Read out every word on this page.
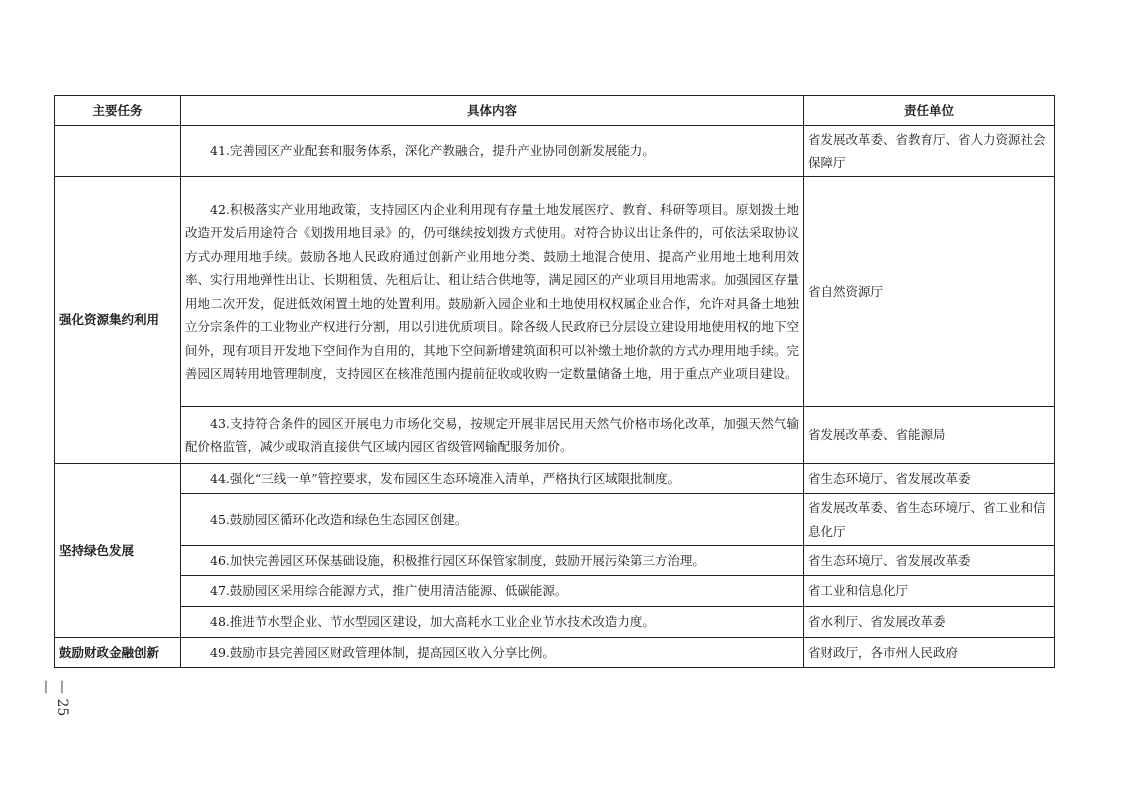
主要任务	具体内容	责任单位
	41.完善园区产业配套和服务体系，深化产教融合，提升产业协同创新发展能力。	省发展改革委、省教育厅、省人力资源社会保障厅
强化资源集约利用	42.积极落实产业用地政策，支持园区内企业利用现有存量土地发展医疗、教育、科研等项目。原划拨土地改造开发后用途符合《划拨用地目录》的，仍可继续按划拨方式使用。对符合协议出让条件的，可依法采取协议方式办理用地手续。鼓励各地人民政府通过创新产业用地分类、鼓励土地混合使用、提高产业用地土地利用效率、实行用地弹性出让、长期租赁、先租后让、租让结合供地等，满足园区的产业项目用地需求。加强园区存量用地二次开发，促进低效闲置土地的处置利用。鼓励新入园企业和土地使用权权属企业合作，允许对具备土地独立分宗条件的工业物业产权进行分割，用以引进优质项目。除各级人民政府已分层设立建设用地使用权的地下空间外，现有项目开发地下空间作为自用的，其地下空间新增建筑面积可以补缴土地价款的方式办理用地手续。完善园区周转用地管理制度，支持园区在核准范围内提前征收或收购一定数量储备土地，用于重点产业项目建设。	省自然资源厅
	43.支持符合条件的园区开展电力市场化交易，按规定开展非居民用天然气价格市场化改革，加强天然气输配价格监管，减少或取消直接供气区域内园区省级管网输配服务加价。	省发展改革委、省能源局
坚持绿色发展	44.强化“三线一单”管控要求，发布园区生态环境准入清单，严格执行区域限批制度。	省生态环境厅、省发展改革委
	45.鼓励园区循环化改造和绿色生态园区创建。	省发展改革委、省生态环境厅、省工业和信息化厅
	46.加快完善园区环保基础设施，积极推行园区环保管家制度，鼓励开展污染第三方治理。	省生态环境厅、省发展改革委
	47.鼓励园区采用综合能源方式，推广使用清洁能源、低碳能源。	省工业和信息化厅
	48.推进节水型企业、节水型园区建设，加大高耗水工业企业节水技术改造力度。	省水利厅、省发展改革委
鼓励财政金融创新	49.鼓励市县完善园区财政管理体制，提高园区收入分享比例。	省财政厅，各市州人民政府
— 25 —
